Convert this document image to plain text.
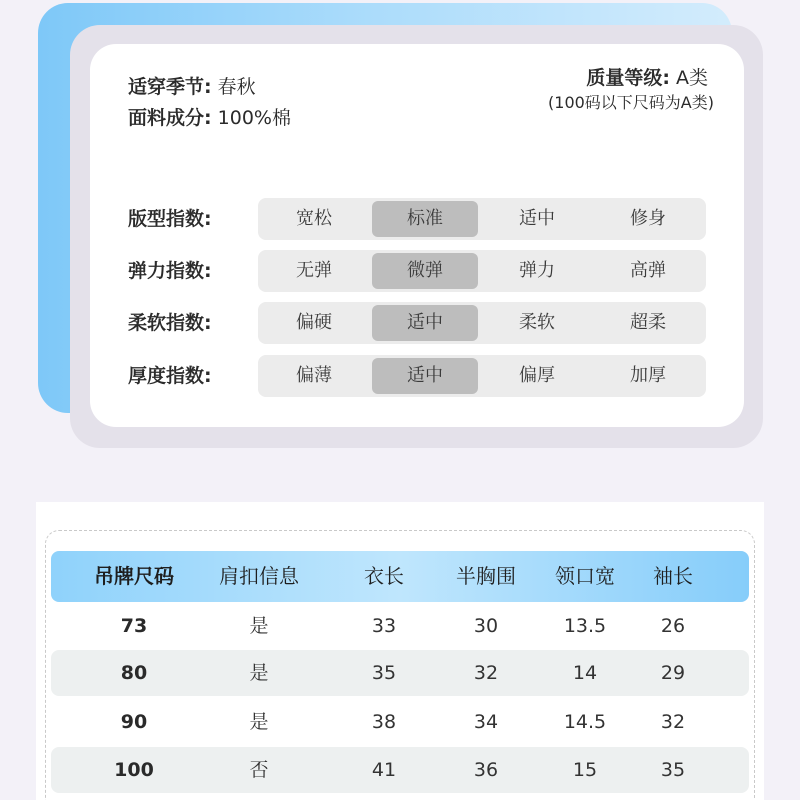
适穿季节: 春秋
面料成分: 100%棉
质量等级: A类
(100码以下尺码为A类)
版型指数:	宽松	标准	适中	修身
弹力指数:	无弹	微弹	弹力	高弹
柔软指数:	偏硬	适中	柔软	超柔
厚度指数:	偏薄	适中	偏厚	加厚
吊牌尺码 肩扣信息	衣长	半胸围 领口宽 袖长
73	是	33	30	13.5	26
80	是	35	32	14	29
90	是	38	34	14.5	32
100	否	41	36	15	35
